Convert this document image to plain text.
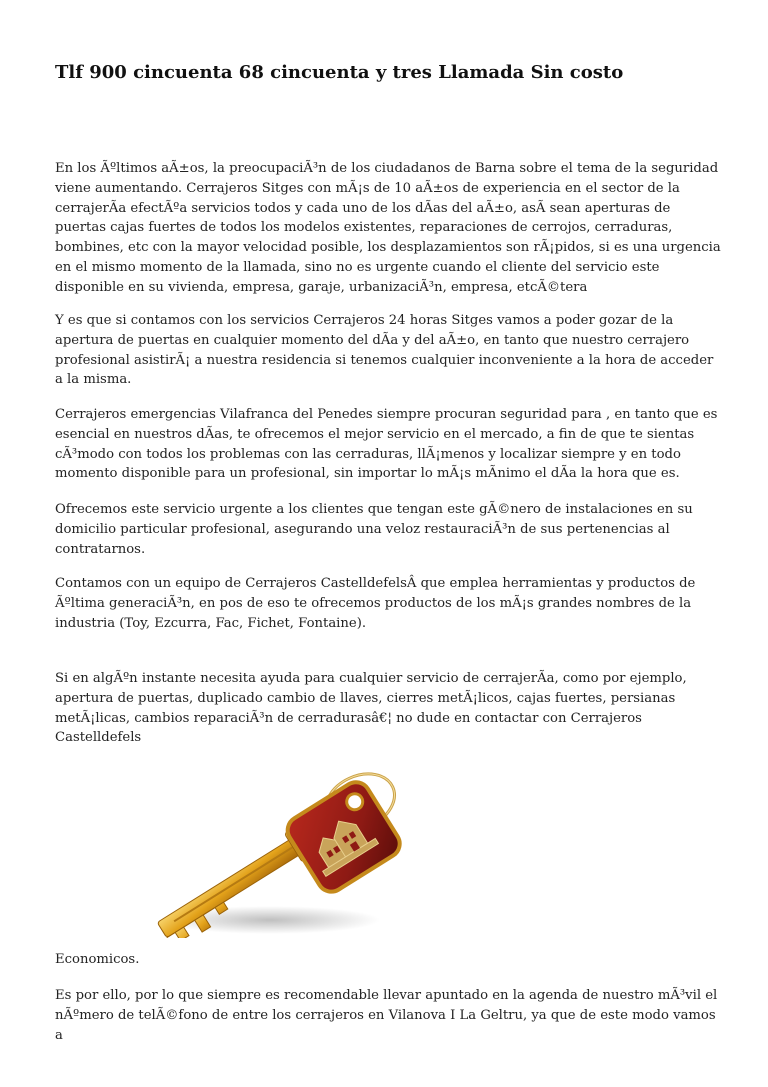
Tlf 900 cincuenta 68 cincuenta y tres Llamada Sin costo

En los Ãºltimos aÃ±os, la preocupaciÃ³n de los ciudadanos de Barna sobre el tema de la seguridad viene aumentando. Cerrajeros Sitges con mÃ¡s de 10 aÃ±os de experiencia en el sector de la cerrajerÃa efectÃºa servicios todos y cada uno de los dÃas del aÃ±o, asÃ sean aperturas de puertas cajas fuertes de todos los modelos existentes, reparaciones de cerrojos, cerraduras, bombines, etc con la mayor velocidad posible, los desplazamientos son rÃ¡pidos, si es una urgencia en el mismo momento de la llamada, sino no es urgente cuando el cliente del servicio este disponible en su vivienda, empresa, garaje, urbanizaciÃ³n, empresa, etcÃ©tera

Y es que si contamos con los servicios Cerrajeros 24 horas Sitges vamos a poder gozar de la apertura de puertas en cualquier momento del dÃa y del aÃ±o, en tanto que nuestro cerrajero profesional asistirÃ¡ a nuestra residencia si tenemos cualquier inconveniente a la hora de acceder a la misma.

Cerrajeros emergencias Vilafranca del Penedes siempre procuran seguridad para , en tanto que es esencial en nuestros dÃas, te ofrecemos el mejor servicio en el mercado, a fin de que te sientas cÃ³modo con todos los problemas con las cerraduras, llÃ¡menos y localizar siempre y en todo momento disponible para un profesional, sin importar lo mÃ¡s mÃnimo el dÃa la hora que es.

Ofrecemos este servicio urgente a los clientes que tengan este gÃ©nero de instalaciones en su domicilio particular profesional, asegurando una veloz restauraciÃ³n de sus pertenencias al contratarnos.

Contamos con un equipo de Cerrajeros CastelldefelsÂ que emplea herramientas y productos de Ãºltima generaciÃ³n, en pos de eso te ofrecemos productos de los mÃ¡s grandes nombres de la industria (Toy, Ezcurra, Fac, Fichet, Fontaine).

Si en algÃºn instante necesita ayuda para cualquier servicio de cerrajerÃa, como por ejemplo, apertura de puertas, duplicado cambio de llaves, cierres metÃ¡licos, cajas fuertes, persianas metÃ¡licas, cambios reparaciÃ³n de cerradurasâ€¦ no dude en contactar con Cerrajeros Castelldefels

Economicos.

Es por ello, por lo que siempre es recomendable llevar apuntado en la agenda de nuestro mÃ³vil el nÃºmero de telÃ©fono de entre los cerrajeros en Vilanova I La Geltru, ya que de este modo vamos a
